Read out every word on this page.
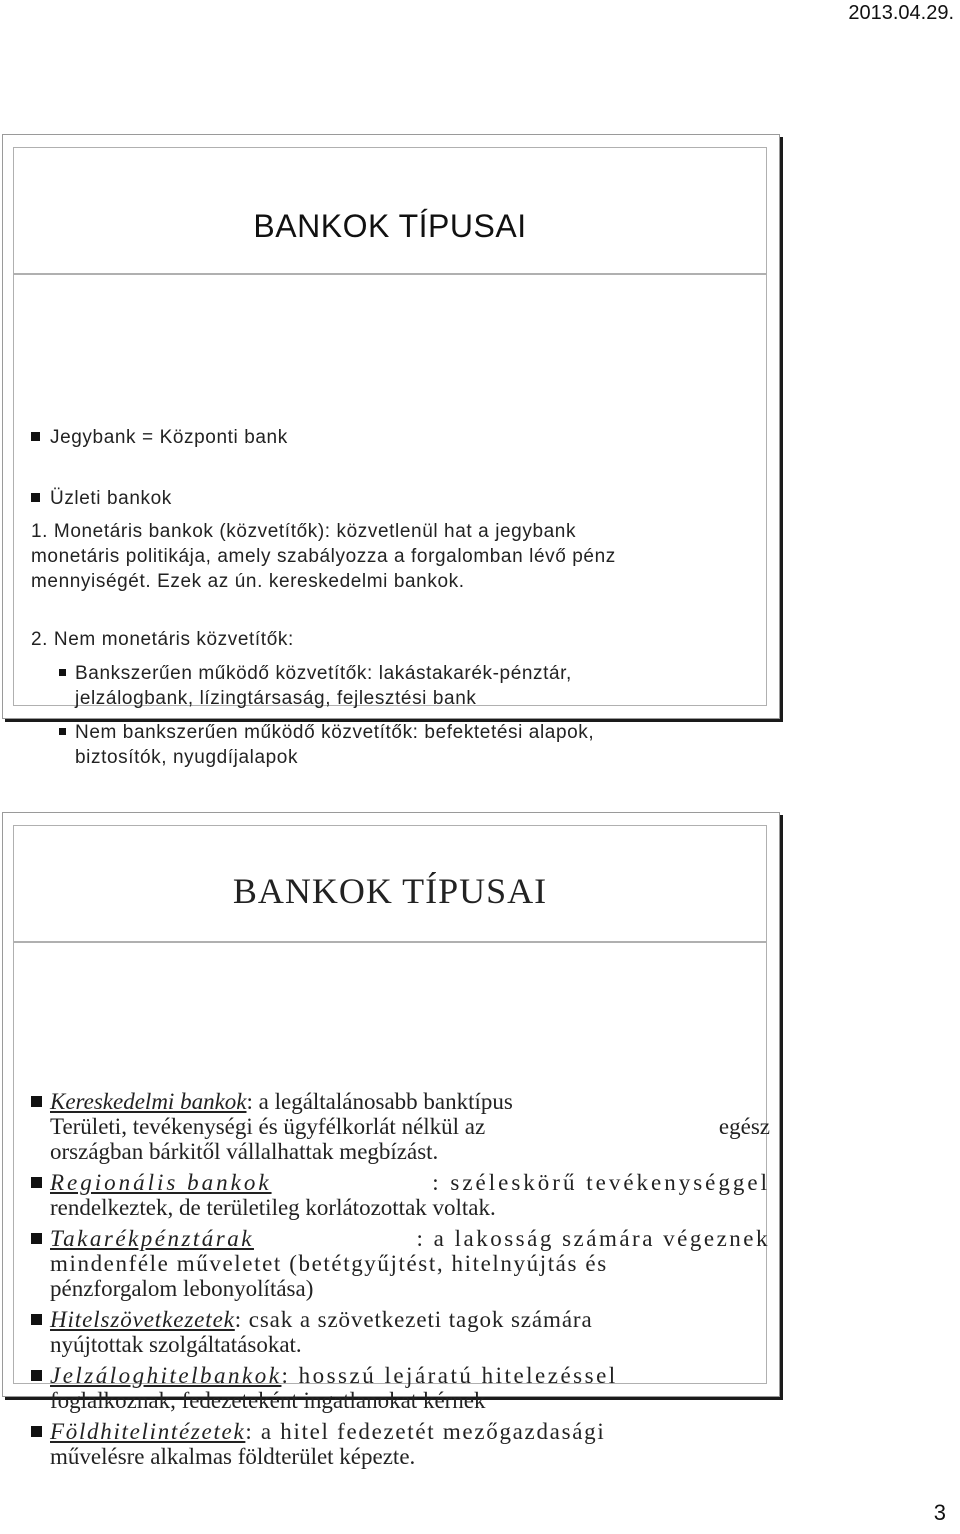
2013.04.29.
BANKOK TÍPUSAI
Jegybank = Központi bank
Üzleti bankok
1. Monetáris bankok (közvetítők): közvetlenül hat a jegybank
monetáris politikája, amely szabályozza a forgalomban lévő pénz
mennyiségét. Ezek az ún. kereskedelmi bankok.
2. Nem monetáris közvetítők:
Bankszerűen működő közvetítők: lakástakarék-pénztár,
jelzálogbank, lízingtársaság, fejlesztési bank
Nem bankszerűen működő közvetítők: befektetési alapok,
biztosítók, nyugdíjalapok
BANKOK TÍPUSAI
Kereskedelmi bankok: a legáltalánosabb banktípus
Területi, tevékenységi és ügyfélkorlát nélkül az	egész
országban bárkitől vállalhattak megbízást.
Regionális bankok	: széleskörű tevékenységgel
rendelkeztek, de területileg korlátozottak voltak.
Takarékpénztárak	: a lakosság számára végeznek
mindenféle műveletet (betétgyűjtést, hitelnyújtás és
pénzforgalom lebonyolítása)
Hitelszövetkezetek: csak a szövetkezeti tagok számára
nyújtottak szolgáltatásokat.
Jelzáloghitelbankok: hosszú lejáratú hitelezéssel
foglalkoznak, fedezeteként ingatlanokat kérnek
Földhitelintézetek: a hitel fedezetét mezőgazdasági
művelésre alkalmas földterület képezte.
3
